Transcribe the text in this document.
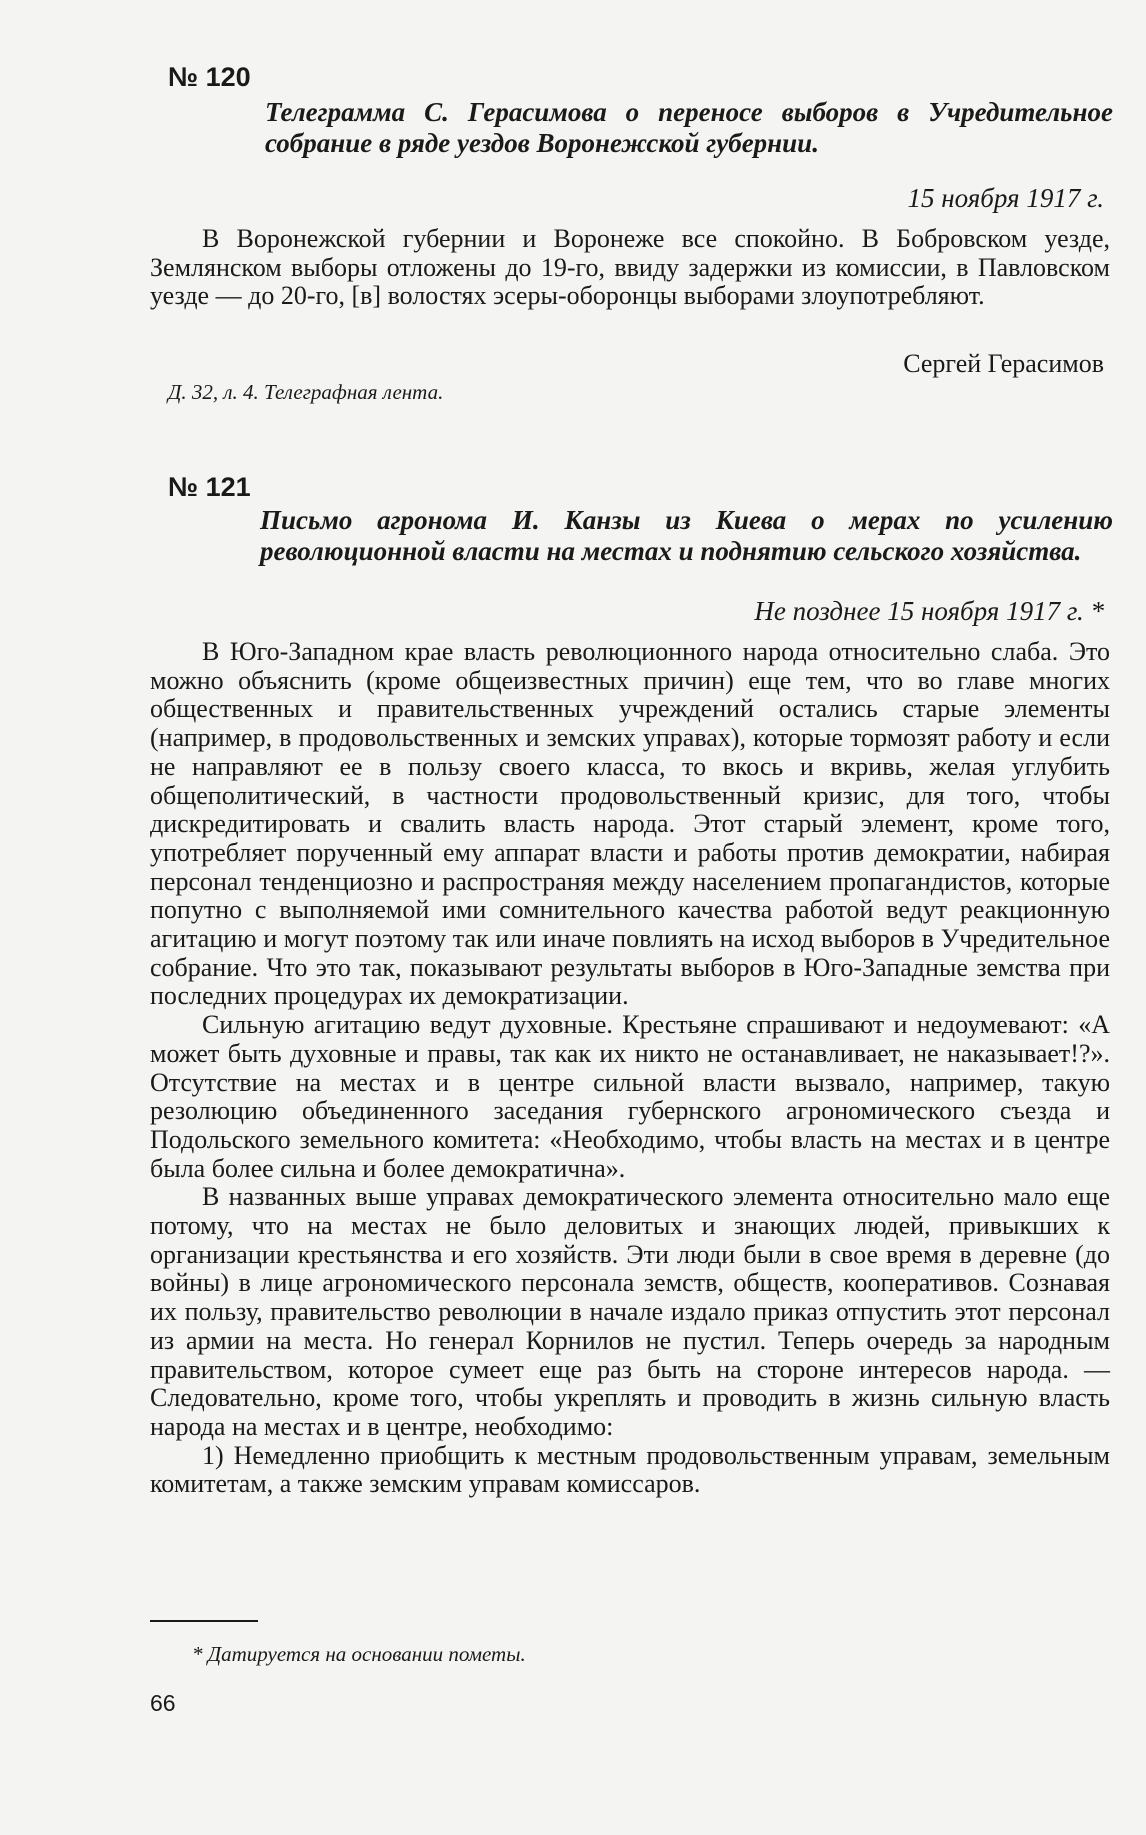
№ 120
Телеграмма С. Герасимова о переносе выборов в Учредительное собрание в ряде уездов Воронежской губернии.
15 ноября 1917 г.

В Воронежской губернии и Воронеже все спокойно. В Бобровском уезде, Землянском выборы отложены до 19-го, ввиду задержки из комиссии, в Павловском уезде — до 20-го, [в] волостях эсеры-оборонцы выборами злоупотребляют.

Сергей Герасимов
Д. 32, л. 4. Телеграфная лента.
№ 121
Письмо агронома И. Канзы из Киева о мерах по усилению революционной власти на местах и поднятию сельского хозяйства.
Не позднее 15 ноября 1917 г. *

В Юго-Западном крае власть революционного народа относительно слаба. Это можно объяснить (кроме общеизвестных причин) еще тем, что во главе многих общественных и правительственных учреждений остались старые элементы (например, в продовольственных и земских управах), которые тормозят работу и если не направляют ее в пользу своего класса, то вкось и вкривь, желая углубить общеполитический, в частности продовольственный кризис, для того, чтобы дискредитировать и свалить власть народа. Этот старый элемент, кроме того, употребляет порученный ему аппарат власти и работы против демократии, набирая персонал тенденциозно и распространяя между населением пропагандистов, которые попутно с выполняемой ими сомнительного качества работой ведут реакционную агитацию и могут поэтому так или иначе повлиять на исход выборов в Учредительное собрание. Что это так, показывают результаты выборов в Юго-Западные земства при последних процедурах их демократизации.

Сильную агитацию ведут духовные. Крестьяне спрашивают и недоумевают: «А может быть духовные и правы, так как их никто не останавливает, не наказывает!?». Отсутствие на местах и в центре сильной власти вызвало, например, такую резолюцию объединенного заседания губернского агрономического съезда и Подольского земельного комитета: «Необходимо, чтобы власть на местах и в центре была более сильна и более демократична».

В названных выше управах демократического элемента относительно мало еще потому, что на местах не было деловитых и знающих людей, привыкших к организации крестьянства и его хозяйств. Эти люди были в свое время в деревне (до войны) в лице агрономического персонала земств, обществ, кооперативов. Сознавая их пользу, правительство революции в начале издало приказ отпустить этот персонал из армии на места. Но генерал Корнилов не пустил. Теперь очередь за народным правительством, которое сумеет еще раз быть на стороне интересов народа. — Следовательно, кроме того, чтобы укреплять и проводить в жизнь сильную власть народа на местах и в центре, необходимо:

1) Немедленно приобщить к местным продовольственным управам, земельным комитетам, а также земским управам комиссаров.

* Датируется на основании пометы.
66
